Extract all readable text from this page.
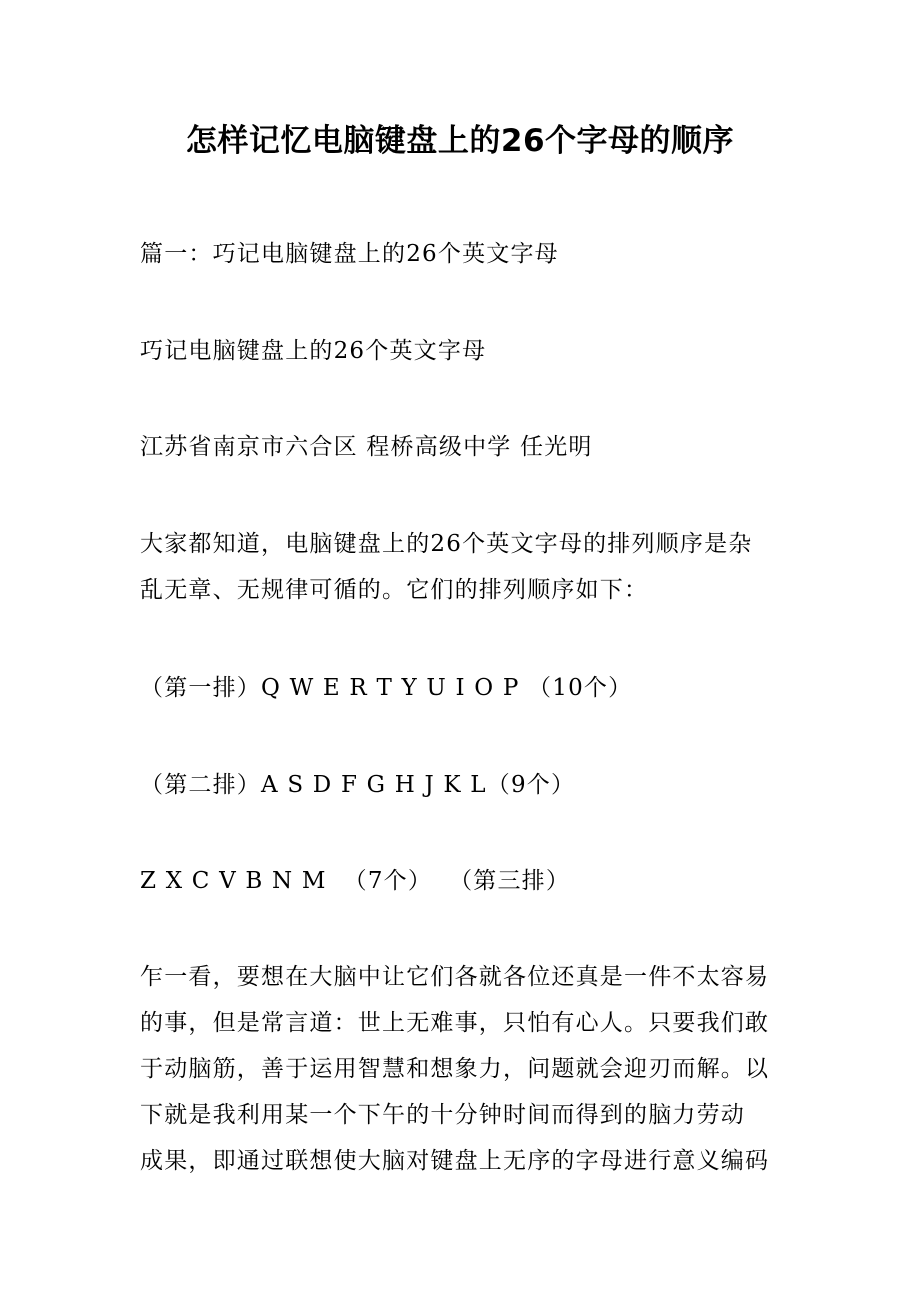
怎样记忆电脑键盘上的26个字母的顺序
篇一：巧记电脑键盘上的26个英文字母
巧记电脑键盘上的26个英文字母
江苏省南京市六合区 程桥高级中学 任光明
大家都知道，电脑键盘上的26个英文字母的排列顺序是杂
乱无章、无规律可循的。它们的排列顺序如下：
（第一排）Q W E R T Y U I O P （10个）
（第二排）A S D F G H J K L（9个）
Z X C V B N M  （7个）  （第三排）
乍一看，要想在大脑中让它们各就各位还真是一件不太容易
的事，但是常言道：世上无难事，只怕有心人。只要我们敢
于动脑筋，善于运用智慧和想象力，问题就会迎刃而解。以
下就是我利用某一个下午的十分钟时间而得到的脑力劳动
成果，即通过联想使大脑对键盘上无序的字母进行意义编码
